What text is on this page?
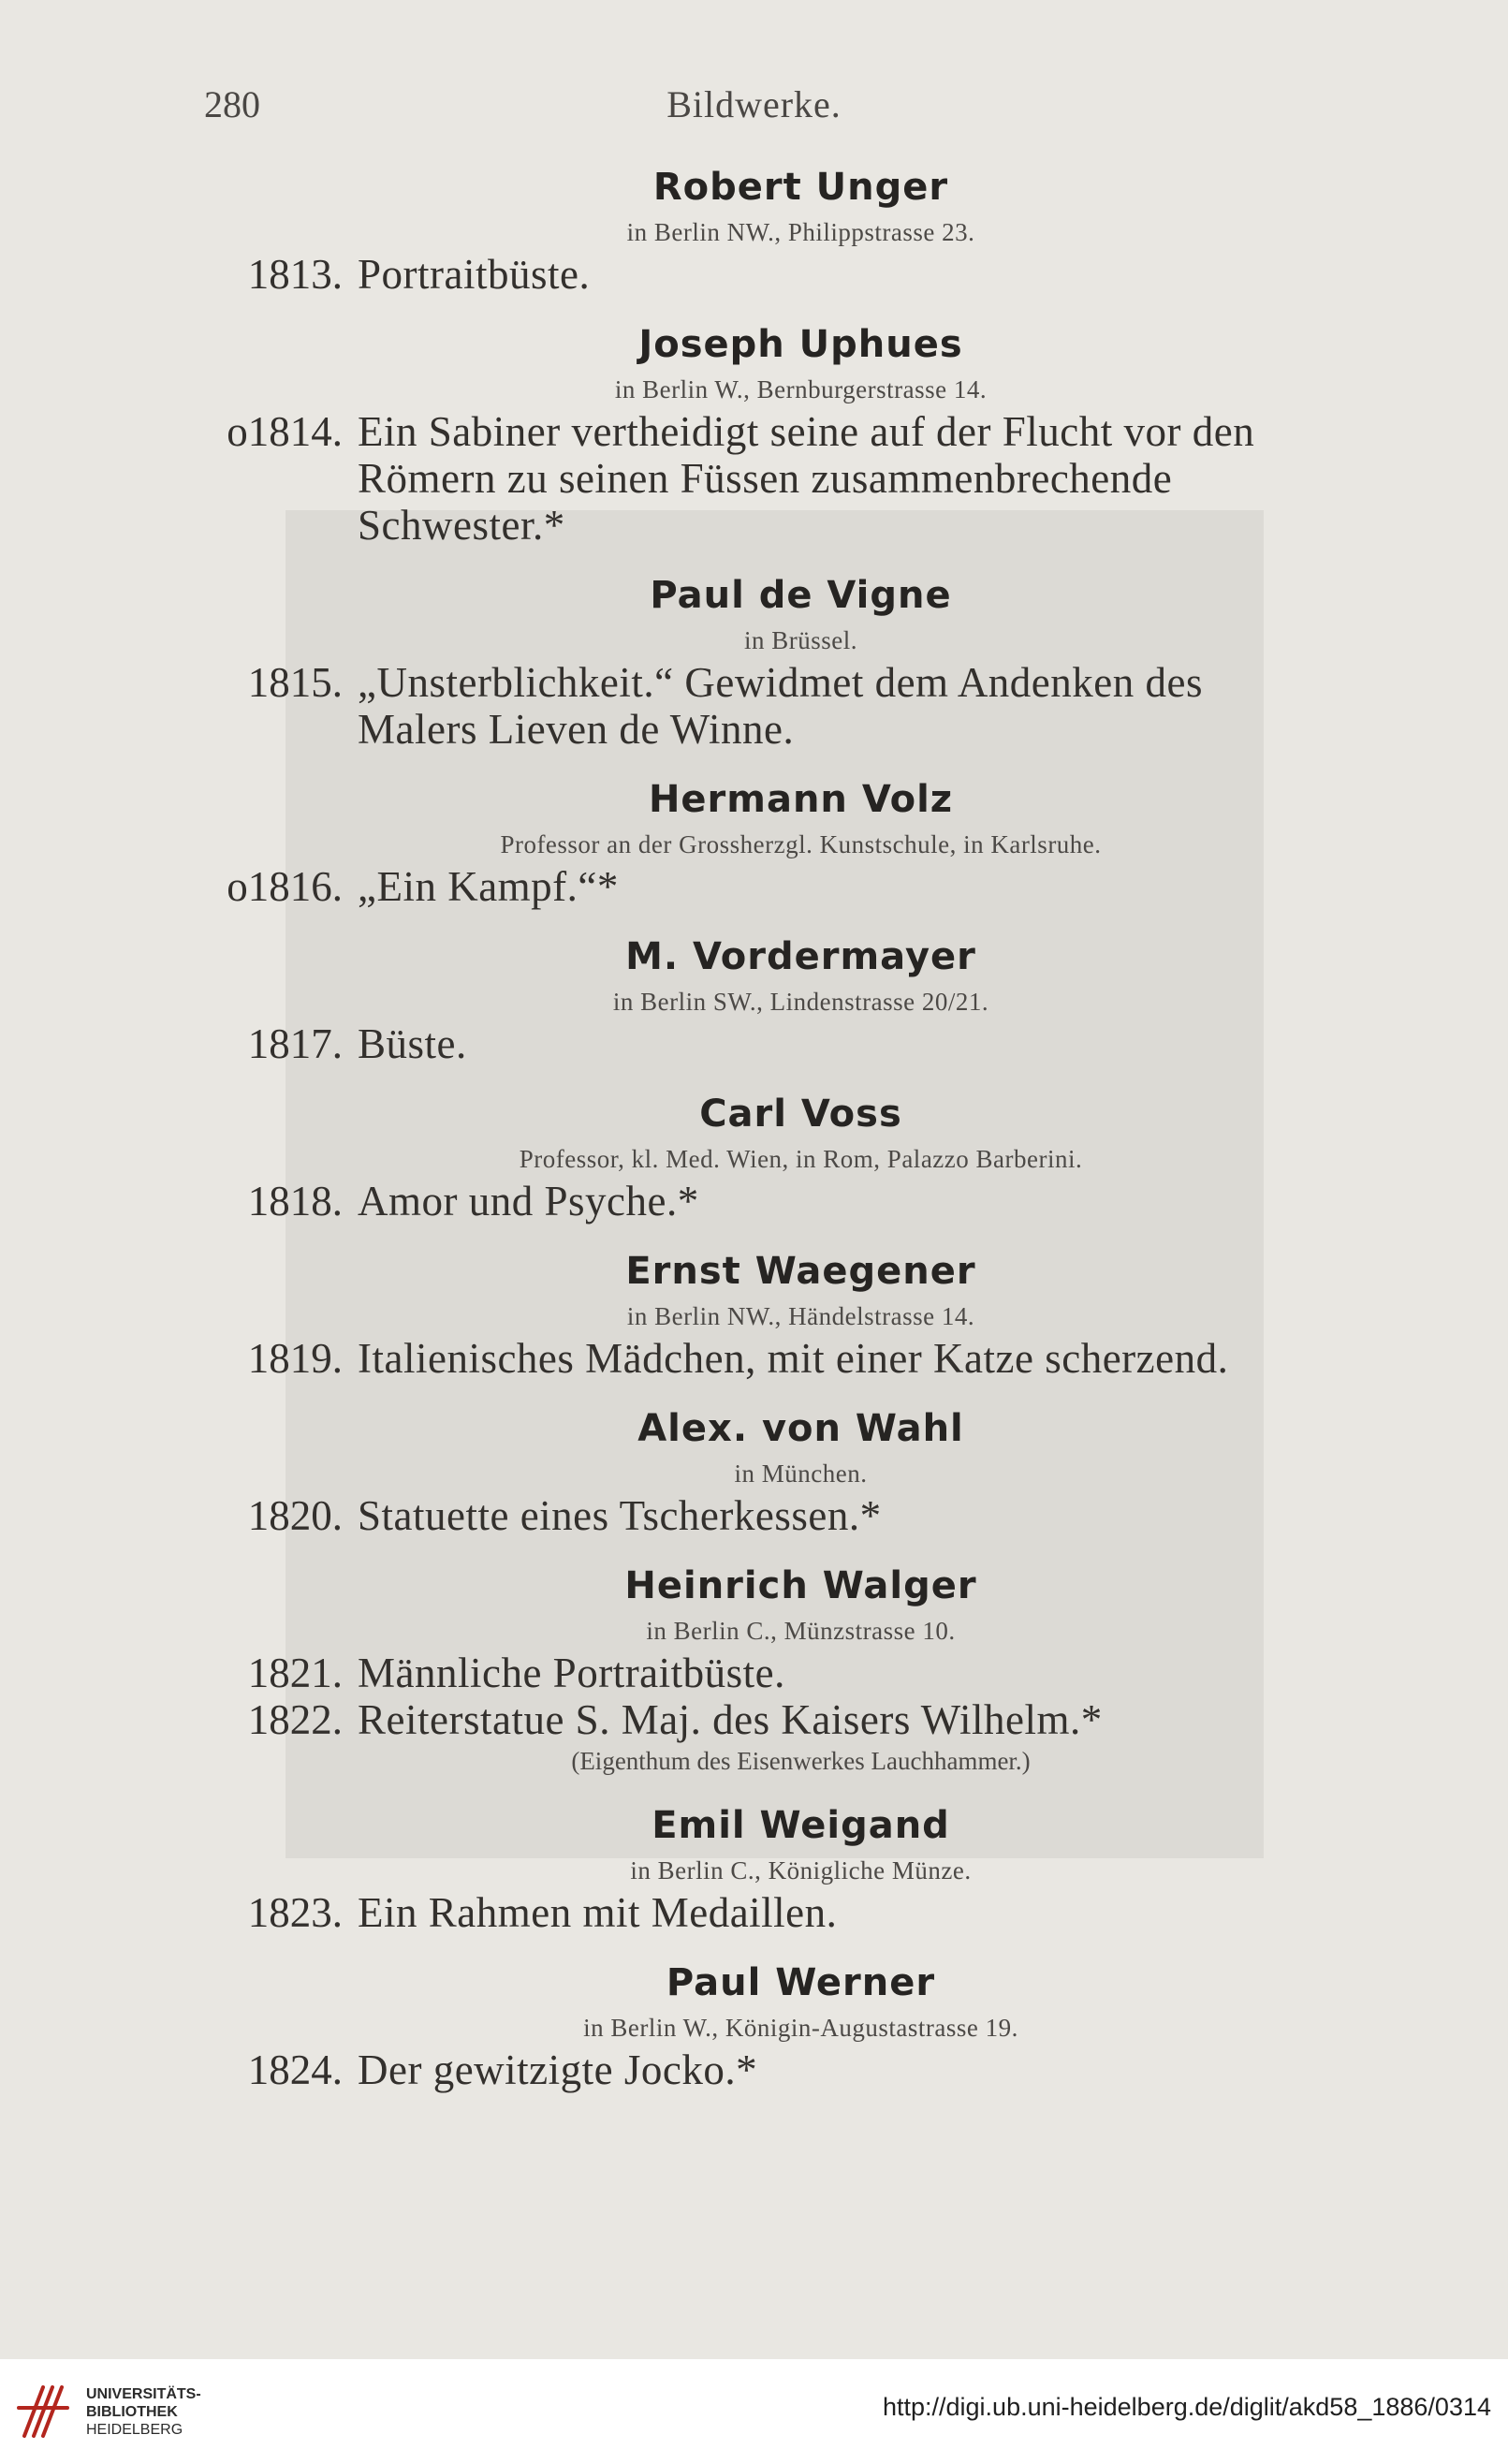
280	Bildwerke.
Robert Unger
in Berlin NW., Philippstrasse 23.
1813. Portraitbüste.
Joseph Uphues
in Berlin W., Bernburgerstrasse 14.
o1814. Ein Sabiner vertheidigt seine auf der Flucht vor den Römern zu seinen Füssen zusammenbrechende Schwester.*
Paul de Vigne
in Brüssel.
1815. „Unsterblichkeit.“ Gewidmet dem Andenken des Malers Lieven de Winne.
Hermann Volz
Professor an der Grossherzgl. Kunstschule, in Karlsruhe.
o1816. „Ein Kampf.“*
M. Vordermayer
in Berlin SW., Lindenstrasse 20/21.
1817. Büste.
Carl Voss
Professor, kl. Med. Wien, in Rom, Palazzo Barberini.
1818. Amor und Psyche.*
Ernst Waegener
in Berlin NW., Händelstrasse 14.
1819. Italienisches Mädchen, mit einer Katze scherzend.
Alex. von Wahl
in München.
1820. Statuette eines Tscherkessen.*
Heinrich Walger
in Berlin C., Münzstrasse 10.
1821. Männliche Portraitbüste.
1822. Reiterstatue S. Maj. des Kaisers Wilhelm.*
(Eigenthum des Eisenwerkes Lauchhammer.)
Emil Weigand
in Berlin C., Königliche Münze.
1823. Ein Rahmen mit Medaillen.
Paul Werner
in Berlin W., Königin-Augustastrasse 19.
1824. Der gewitzigte Jocko.*
UNIVERSITÄTS-
BIBLIOTHEK
HEIDELBERG
http://digi.ub.uni-heidelberg.de/diglit/akd58_1886/0314
